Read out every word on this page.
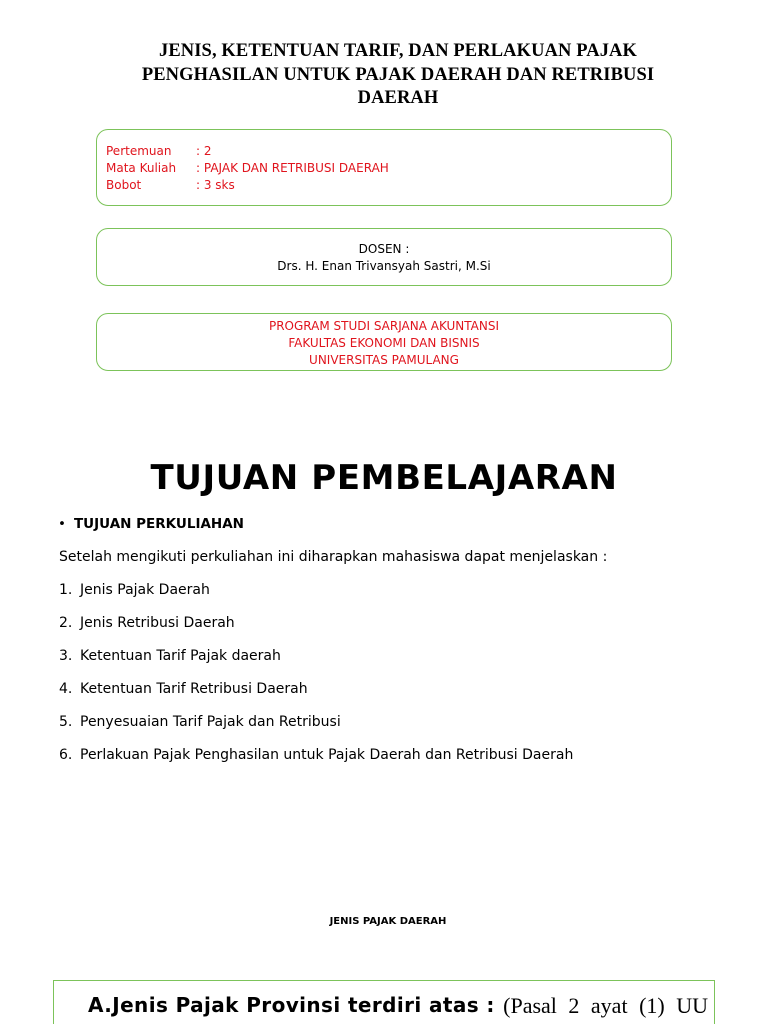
JENIS, KETENTUAN TARIF, DAN PERLAKUAN PAJAK
PENGHASILAN UNTUK PAJAK DAERAH DAN RETRIBUSI
DAERAH
Pertemuan	: 2
Mata Kuliah	: PAJAK DAN RETRIBUSI DAERAH
Bobot	: 3 sks
DOSEN :
Drs. H. Enan Trivansyah Sastri, M.Si
PROGRAM STUDI SARJANA AKUNTANSI
FAKULTAS EKONOMI DAN BISNIS
UNIVERSITAS PAMULANG
TUJUAN PEMBELAJARAN
• TUJUAN PERKULIAHAN
Setelah mengikuti perkuliahan ini diharapkan mahasiswa dapat menjelaskan :
1. Jenis Pajak Daerah
2. Jenis Retribusi Daerah
3. Ketentuan Tarif Pajak daerah
4. Ketentuan Tarif Retribusi Daerah
5. Penyesuaian Tarif Pajak dan Retribusi
6. Perlakuan Pajak Penghasilan untuk Pajak Daerah dan Retribusi Daerah
JENIS PAJAK DAERAH
A.Jenis Pajak Provinsi terdiri atas : (Pasal 2 ayat (1) UU
